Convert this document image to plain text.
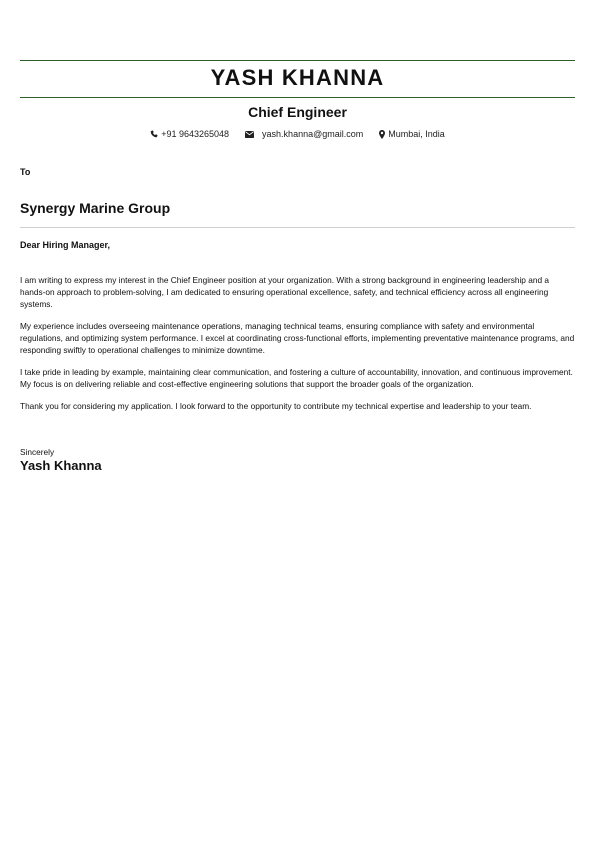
YASH KHANNA
Chief Engineer
+91 9643265048	yash.khanna@gmail.com	Mumbai, India
To
Synergy Marine Group
Dear Hiring Manager,

I am writing to express my interest in the Chief Engineer position at your organization. With a strong background in engineering leadership and a hands-on approach to problem-solving, I am dedicated to ensuring operational excellence, safety, and technical efficiency across all engineering systems.

My experience includes overseeing maintenance operations, managing technical teams, ensuring compliance with safety and environmental regulations, and optimizing system performance. I excel at coordinating cross-functional efforts, implementing preventative maintenance programs, and responding swiftly to operational challenges to minimize downtime.

I take pride in leading by example, maintaining clear communication, and fostering a culture of accountability, innovation, and continuous improvement. My focus is on delivering reliable and cost-effective engineering solutions that support the broader goals of the organization.

Thank you for considering my application. I look forward to the opportunity to contribute my technical expertise and leadership to your team.

Sincerely
Yash Khanna
